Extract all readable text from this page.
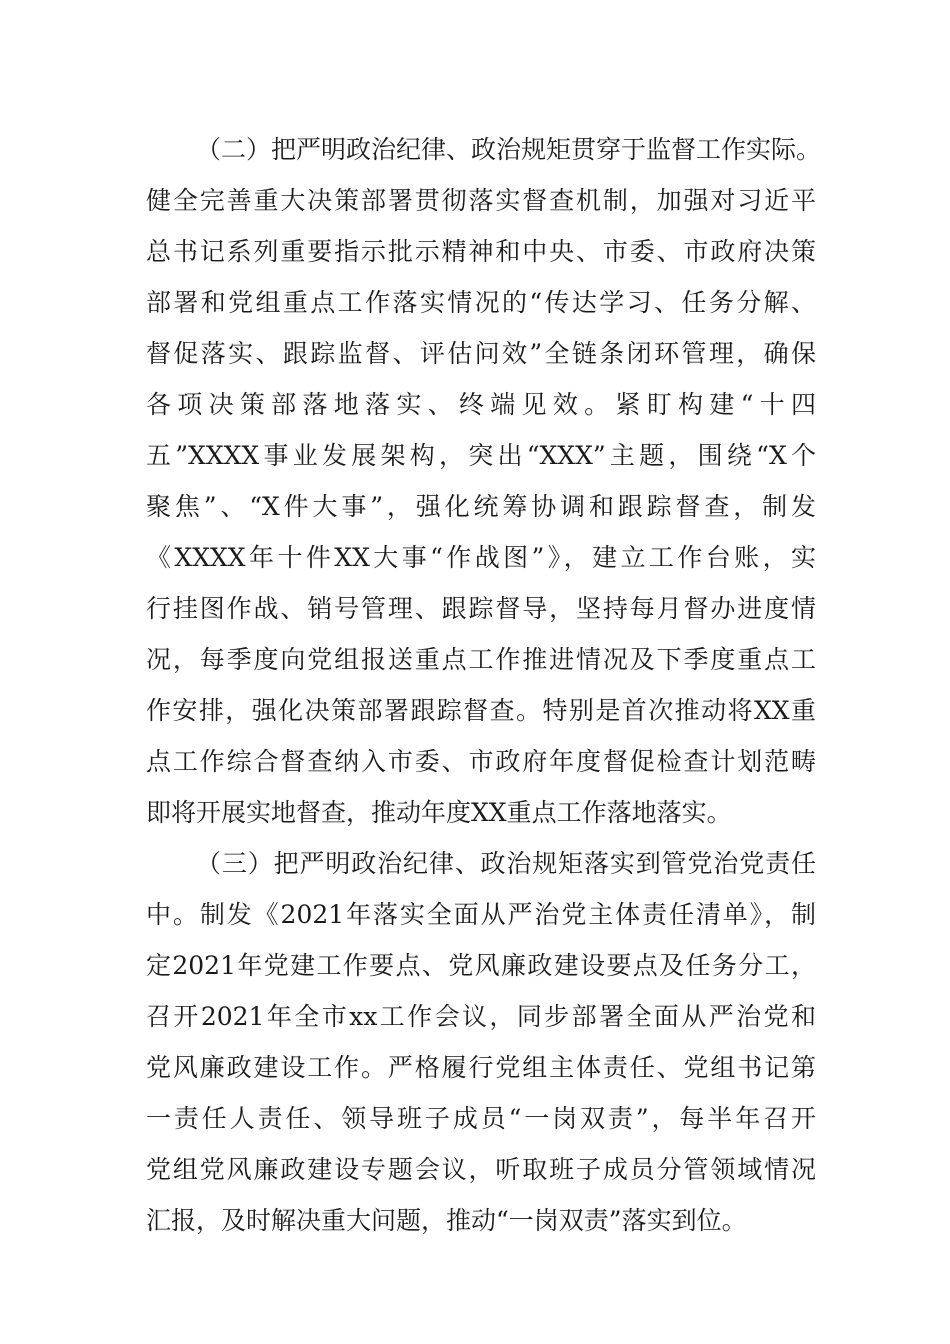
（二）把严明政治纪律、政治规矩贯穿于监督工作实际。
健全完善重大决策部署贯彻落实督查机制，加强对习近平
总书记系列重要指示批示精神和中央、市委、市政府决策
部署和党组重点工作落实情况的“传达学习、任务分解、
督促落实、跟踪监督、评估问效”全链条闭环管理，确保
各项决策部落地落实、终端见效。紧盯构建“十四
五”XXXX事业发展架构，突出“XXX”主题，围绕“X个
聚焦”、“X件大事”，强化统筹协调和跟踪督查，制发
《XXXX年十件XX大事“作战图”》，建立工作台账，实
行挂图作战、销号管理、跟踪督导，坚持每月督办进度情
况，每季度向党组报送重点工作推进情况及下季度重点工
作安排，强化决策部署跟踪督查。特别是首次推动将XX重
点工作综合督查纳入市委、市政府年度督促检查计划范畴
即将开展实地督查，推动年度XX重点工作落地落实。
（三）把严明政治纪律、政治规矩落实到管党治党责任
中。制发《2021年落实全面从严治党主体责任清单》，制
定2021年党建工作要点、党风廉政建设要点及任务分工，
召开2021年全市xx工作会议，同步部署全面从严治党和
党风廉政建设工作。严格履行党组主体责任、党组书记第
一责任人责任、领导班子成员“一岗双责”，每半年召开
党组党风廉政建设专题会议，听取班子成员分管领域情况
汇报，及时解决重大问题，推动“一岗双责”落实到位。
